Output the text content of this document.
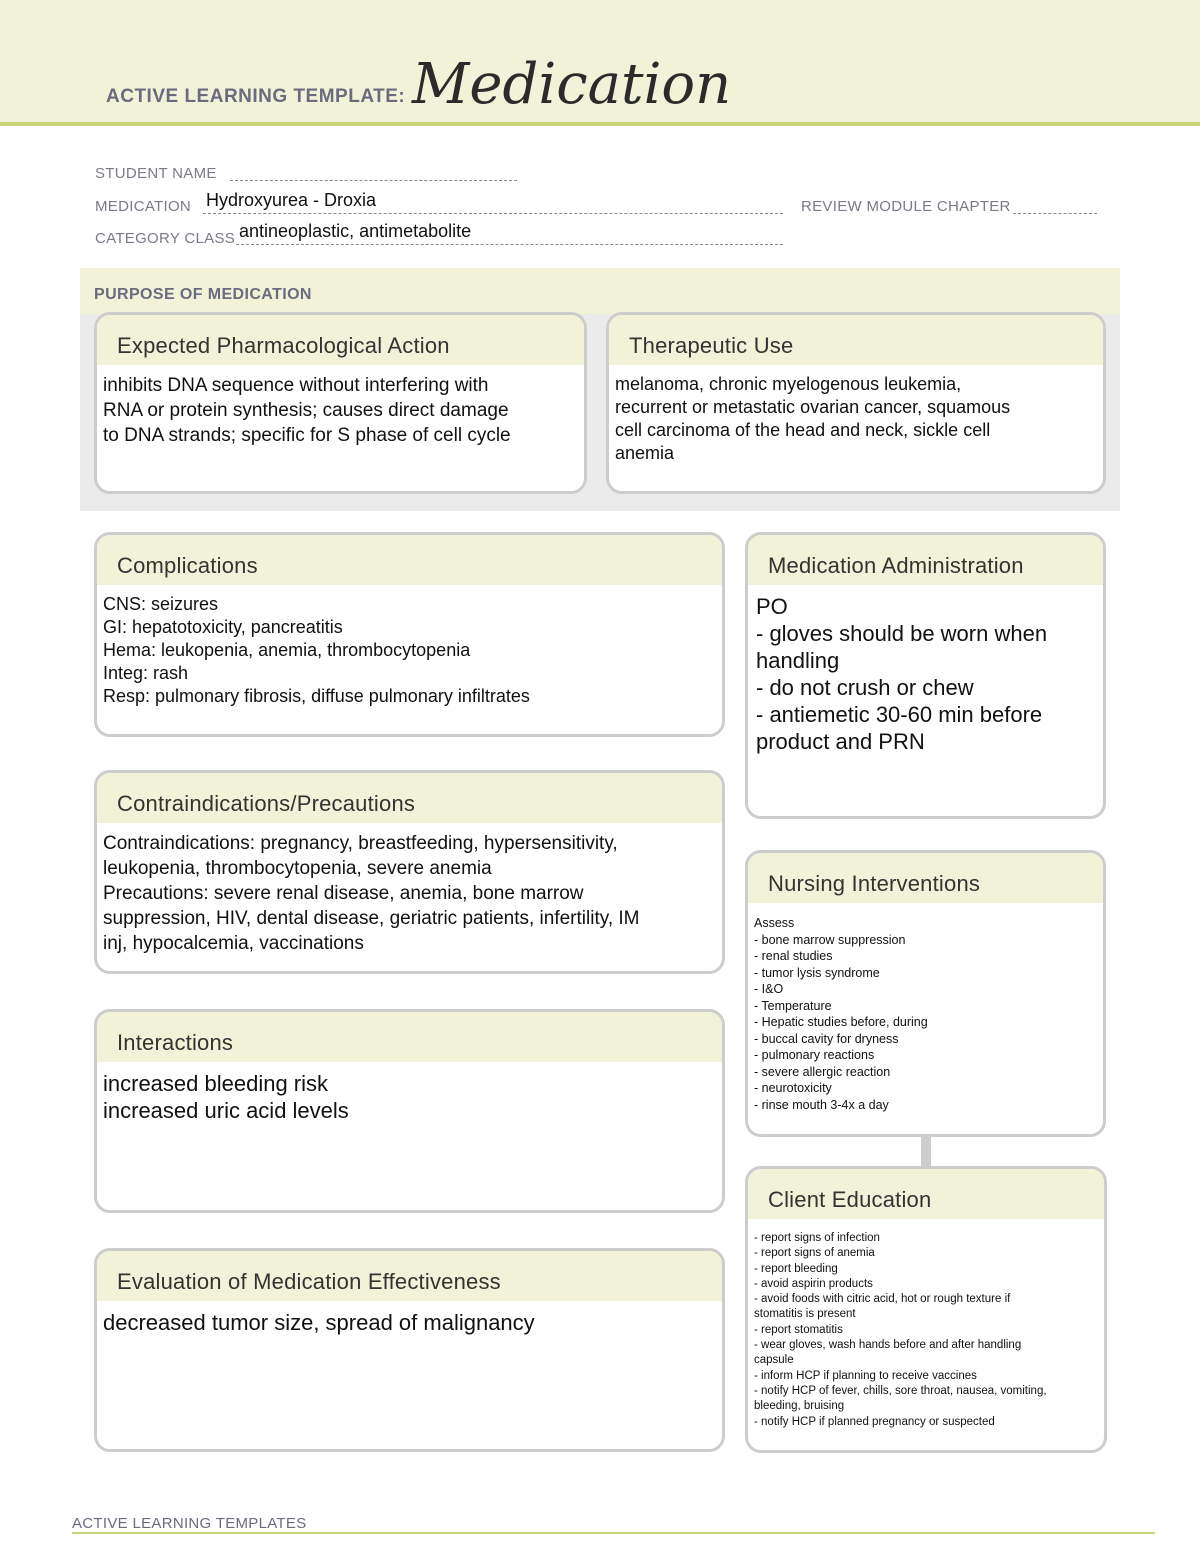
ACTIVE LEARNING TEMPLATE: Medication
STUDENT NAME
MEDICATION Hydroxyurea - Droxia	REVIEW MODULE CHAPTER
CATEGORY CLASS antineoplastic, antimetabolite
PURPOSE OF MEDICATION
Expected Pharmacological Action
inhibits DNA sequence without interfering with
RNA or protein synthesis; causes direct damage
to DNA strands; specific for S phase of cell cycle
Therapeutic Use
melanoma, chronic myelogenous leukemia,
recurrent or metastatic ovarian cancer, squamous
cell carcinoma of the head and neck, sickle cell
anemia
Complications
CNS: seizures
GI: hepatotoxicity, pancreatitis
Hema: leukopenia, anemia, thrombocytopenia
Integ: rash
Resp: pulmonary fibrosis, diffuse pulmonary infiltrates
Contraindications/Precautions
Contraindications: pregnancy, breastfeeding, hypersensitivity,
leukopenia, thrombocytopenia, severe anemia
Precautions: severe renal disease, anemia, bone marrow
suppression, HIV, dental disease, geriatric patients, infertility, IM
inj, hypocalcemia, vaccinations
Interactions
increased bleeding risk
increased uric acid levels
Evaluation of Medication Effectiveness
decreased tumor size, spread of malignancy
Medication Administration
PO
- gloves should be worn when
handling
- do not crush or chew
- antiemetic 30-60 min before
product and PRN
Nursing Interventions
Assess
- bone marrow suppression
- renal studies
- tumor lysis syndrome
- I&O
- Temperature
- Hepatic studies before, during
- buccal cavity for dryness
- pulmonary reactions
- severe allergic reaction
- neurotoxicity
- rinse mouth 3-4x a day
Client Education
- report signs of infection
- report signs of anemia
- report bleeding
- avoid aspirin products
- avoid foods with citric acid, hot or rough texture if
stomatitis is present
- report stomatitis
- wear gloves, wash hands before and after handling
capsule
- inform HCP if planning to receive vaccines
- notify HCP of fever, chills, sore throat, nausea, vomiting,
bleeding, bruising
- notify HCP if planned pregnancy or suspected
ACTIVE LEARNING TEMPLATES
